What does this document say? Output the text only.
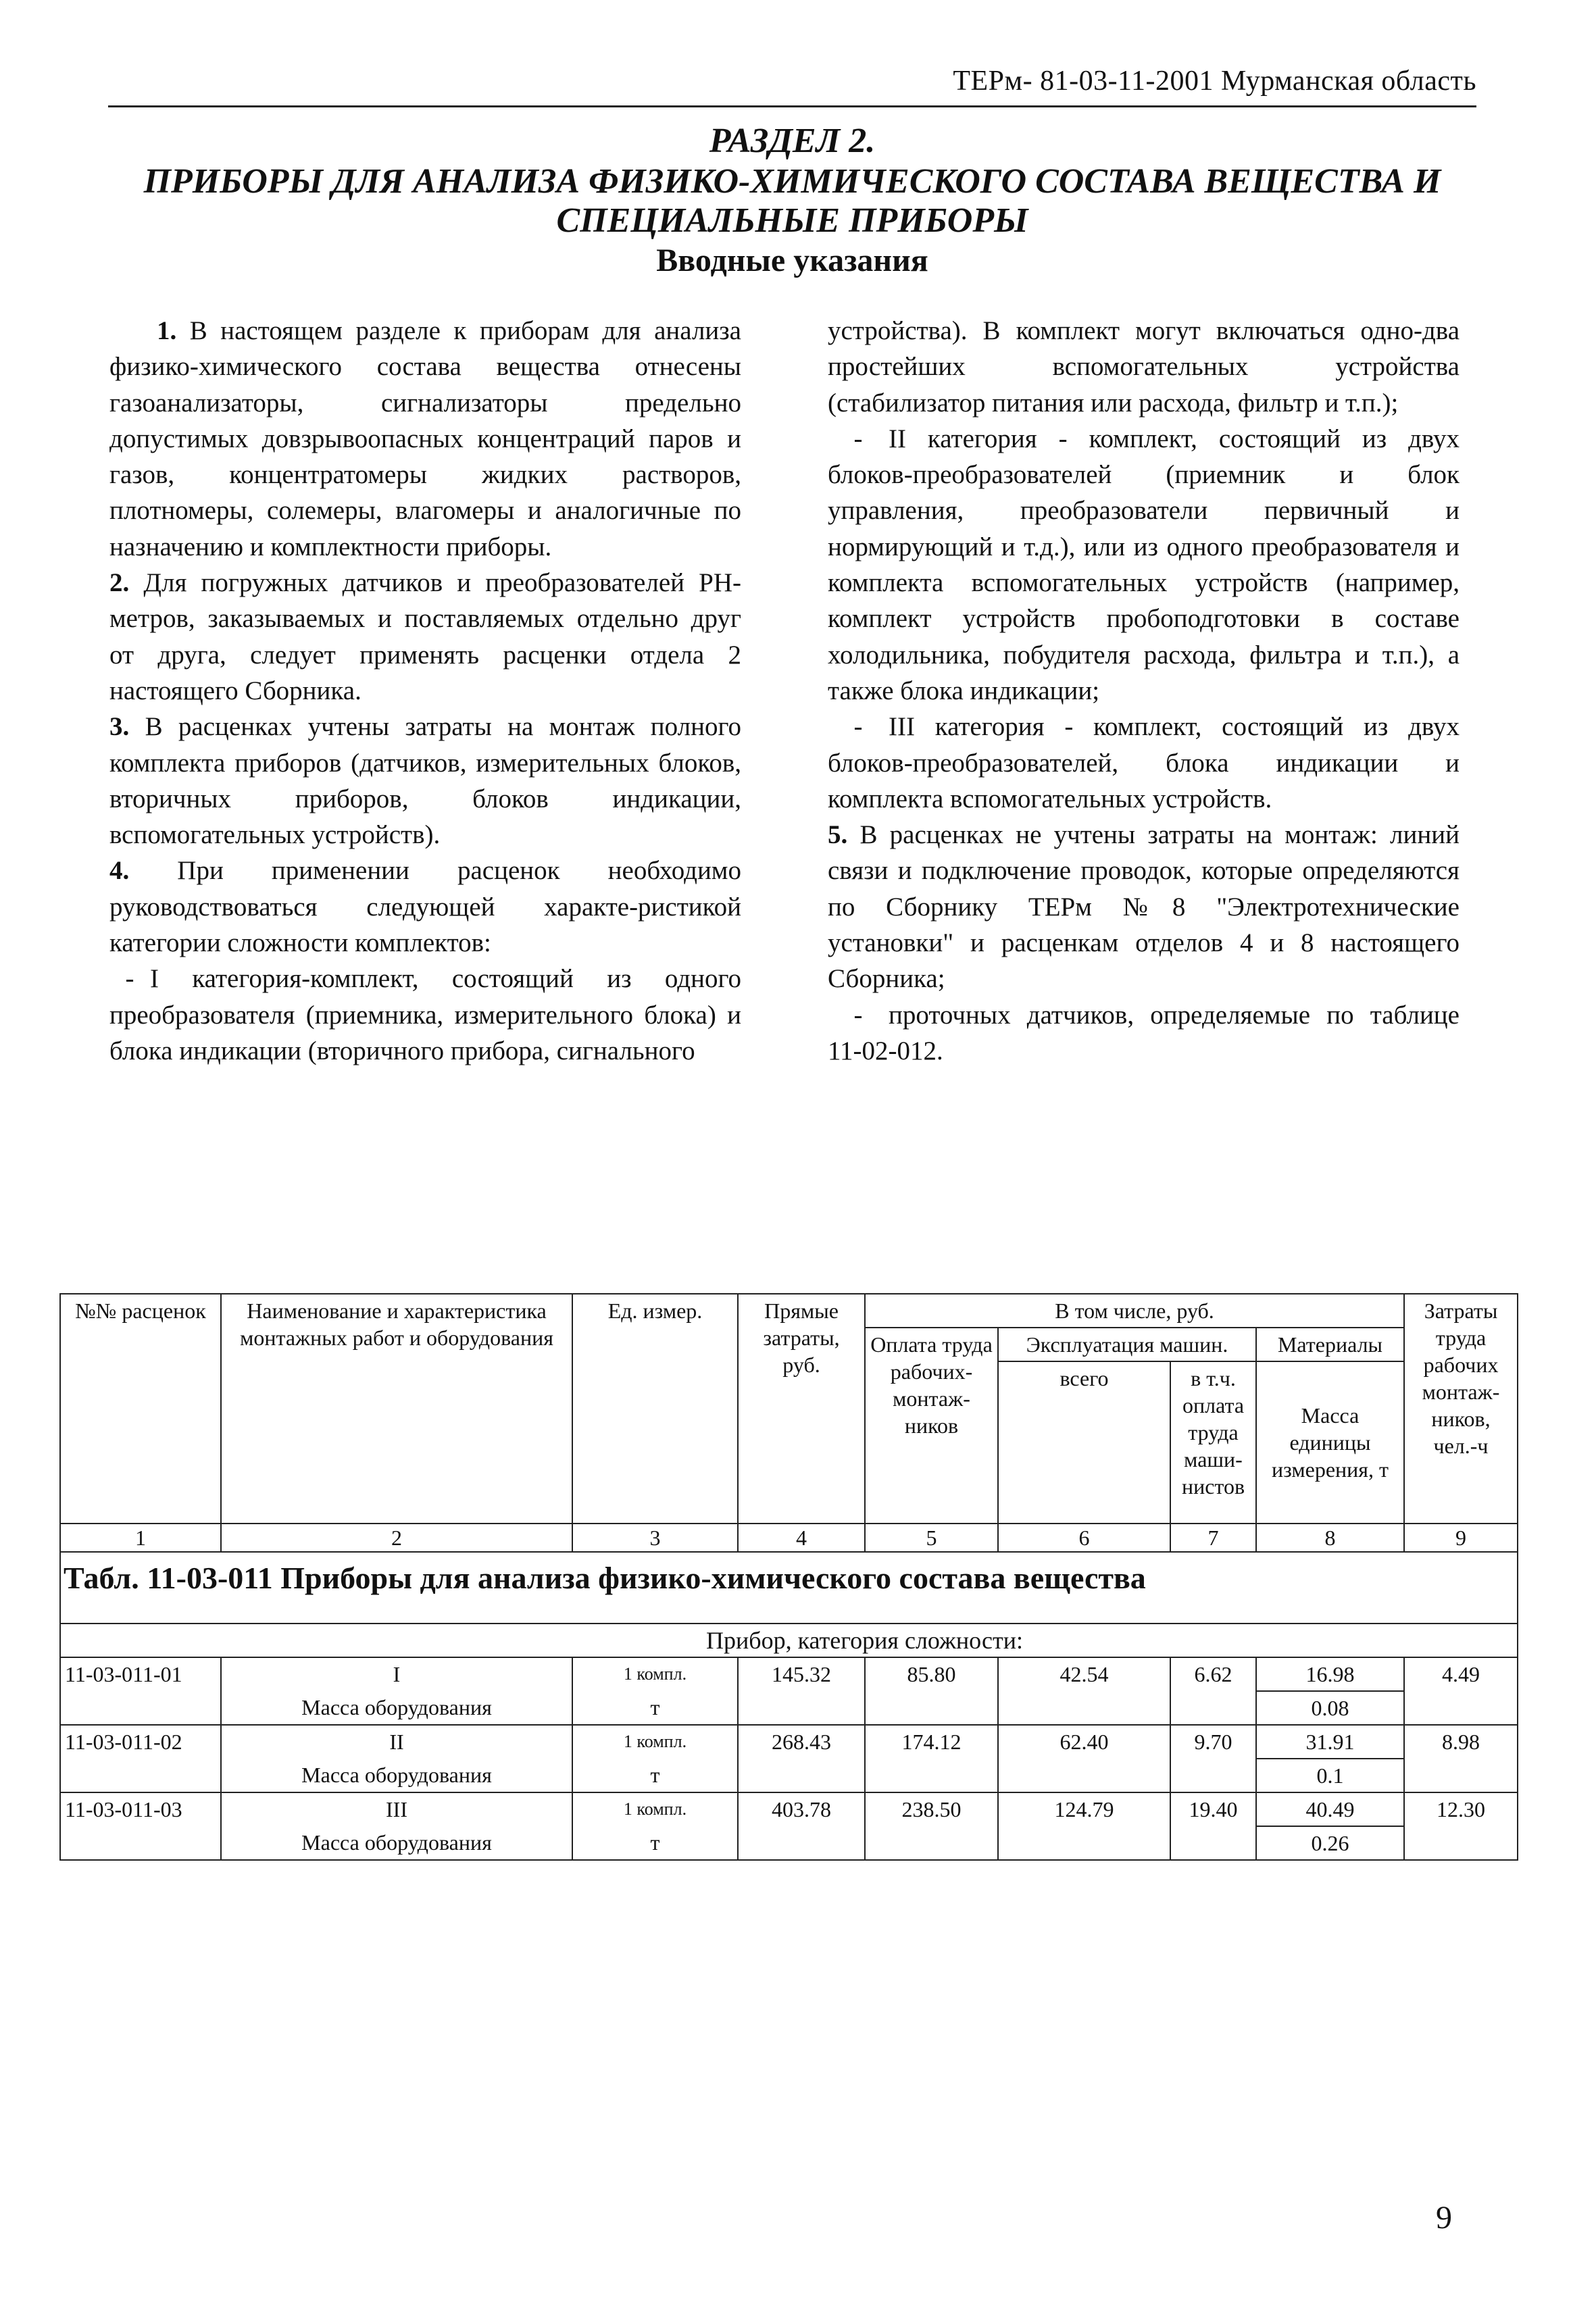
ТЕРм- 81-03-11-2001 Мурманская область
РАЗДЕЛ 2.
ПРИБОРЫ ДЛЯ АНАЛИЗА ФИЗИКО-ХИМИЧЕСКОГО СОСТАВА ВЕЩЕСТВА И
СПЕЦИАЛЬНЫЕ ПРИБОРЫ
Вводные указания

1. В настоящем разделе к приборам для анализа физико-химического состава вещества отнесены газоанализаторы, сигнализаторы предельно допустимых довзрывоопасных концентраций паров и газов, концентратомеры жидких растворов, плотномеры, солемеры, влагомеры и аналогичные по назначению и комплектности приборы.

2. Для погружных датчиков и преобразователей РН-метров, заказываемых и поставляемых отдельно друг от друга, следует применять расценки отдела 2 настоящего Сборника.

3. В расценках учтены затраты на монтаж полного комплекта приборов (датчиков, измерительных блоков, вторичных приборов, блоков индикации, вспомогательных устройств).

4. При применении расценок необходимо руководствоваться следующей характе-ристикой категории сложности комплектов:

- I категория-комплект, состоящий из одного преобразователя (приемника, измерительного блока) и блока индикации (вторичного прибора, сигнального

устройства). В комплект могут включаться одно-два простейших вспомогательных устройства (стабилизатор питания или расхода, фильтр и т.п.);

- II категория - комплект, состоящий из двух блоков-преобразователей (приемник и блок управления, преобразователи первичный и нормирующий и т.д.), или из одного преобразователя и комплекта вспомогательных устройств (например, комплект устройств пробоподготовки в составе холодильника, побудителя расхода, фильтра и т.п.), а также блока индикации;

- III категория - комплект, состоящий из двух блоков-преобразователей, блока индикации и комплекта вспомогательных устройств.

5. В расценках не учтены затраты на монтаж: линий связи и подключение проводок, которые определяются по Сборнику ТЕРм №8 "Электротехнические установки" и расценкам отделов 4 и 8 настоящего Сборника;

- проточных датчиков, определяемые по таблице 11-02-012.

№№ расценок	Наименование и характеристика монтажных работ и оборудования	Ед. измер.	Прямые затраты, руб.	В том числе, руб.				Затраты труда рабочих монтаж-ников, чел.-ч
				Оплата труда рабочих-монтаж-ников	Эксплуатация машин.		Материалы	
					всего	в т.ч. оплата труда маши-нистов	Масса единицы измерения, т	
1	2	3	4	5	6	7	8	9
Табл. 11-03-011 Приборы для анализа физико-химического состава вещества								
Прибор, категория сложности:								
11-03-011-01	I	1 компл.	145.32	85.80	42.54	6.62	16.98	4.49
	Масса оборудования	т					0.08	
11-03-011-02	II	1 компл.	268.43	174.12	62.40	9.70	31.91	8.98
	Масса оборудования	т					0.1	
11-03-011-03	III	1 компл.	403.78	238.50	124.79	19.40	40.49	12.30
	Масса оборудования	т					0.26	
9
